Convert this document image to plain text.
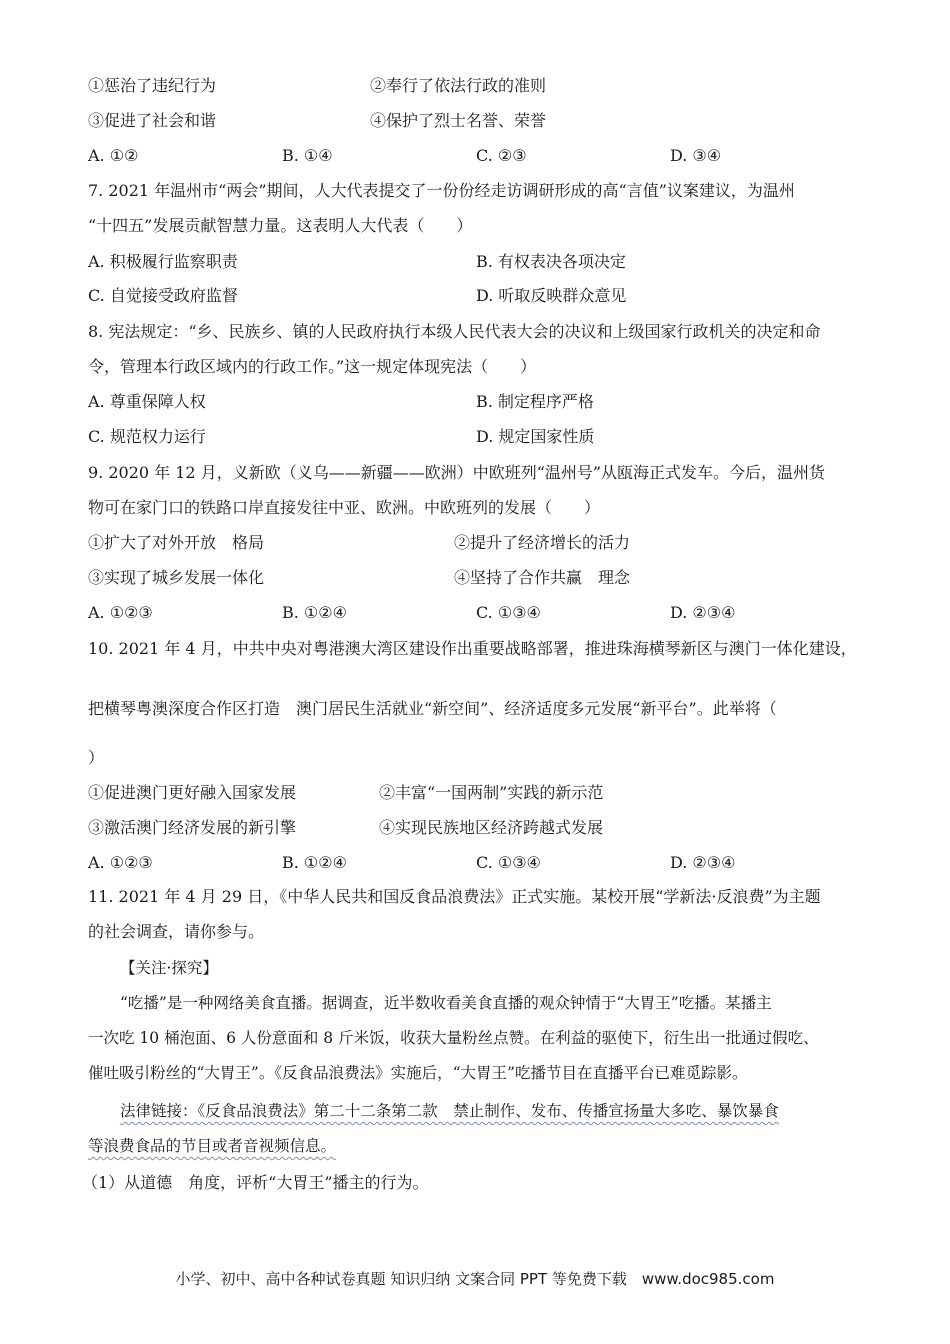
①惩治了违纪行为	②奉行了依法行政的准则
③促进了社会和谐	④保护了烈士名誉、荣誉
A. ①②	B. ①④	C. ②③	D. ③④
7. 2021 年温州市“两会”期间，人大代表提交了一份份经走访调研形成的高“言值”议案建议，为温州
“十四五”发展贡献智慧力量。这表明人大代表（　　）
A. 积极履行监察职责	B. 有权表决各项决定
C. 自觉接受政府监督	D. 听取反映群众意见
8. 宪法规定：“乡、民族乡、镇的人民政府执行本级人民代表大会的决议和上级国家行政机关的决定和命
令，管理本行政区域内的行政工作。”这一规定体现宪法（　　）
A. 尊重保障人权	B. 制定程序严格
C. 规范权力运行	D. 规定国家性质
9. 2020 年 12 月，义新欧（义乌——新疆——欧洲）中欧班列“温州号”从瓯海正式发车。今后，温州货
物可在家门口的铁路口岸直接发往中亚、欧洲。中欧班列的发展（　　）
①扩大了对外开放　格局	②提升了经济增长的活力
③实现了城乡发展一体化	④坚持了合作共赢　理念
A. ①②③	B. ①②④	C. ①③④	D. ②③④
10. 2021 年 4 月，中共中央对粤港澳大湾区建设作出重要战略部署，推进珠海横琴新区与澳门一体化建设，
把横琴粤澳深度合作区打造　澳门居民生活就业“新空间”、经济适度多元发展“新平台”。此举将（
）
①促进澳门更好融入国家发展	②丰富“一国两制”实践的新示范
③激活澳门经济发展的新引擎	④实现民族地区经济跨越式发展
A. ①②③	B. ①②④	C. ①③④	D. ②③④
11. 2021 年 4 月 29 日，《中华人民共和国反食品浪费法》正式实施。某校开展“学新法·反浪费”为主题
的社会调查，请你参与。
【关注·探究】
“吃播”是一种网络美食直播。据调查，近半数收看美食直播的观众钟情于“大胃王”吃播。某播主
一次吃 10 桶泡面、6 人份意面和 8 斤米饭，收获大量粉丝点赞。在利益的驱使下，衍生出一批通过假吃、
催吐吸引粉丝的“大胃王”。《反食品浪费法》实施后，“大胃王”吃播节目在直播平台已难觅踪影。
法律链接：《反食品浪费法》第二十二条第二款　禁止制作、发布、传播宣扬量大多吃、暴饮暴食
等浪费食品的节目或者音视频信息。
（1）从道德　角度，评析“大胃王”播主的行为。
小学、初中、高中各种试卷真题 知识归纳 文案合同 PPT 等免费下载　www.doc985.com
